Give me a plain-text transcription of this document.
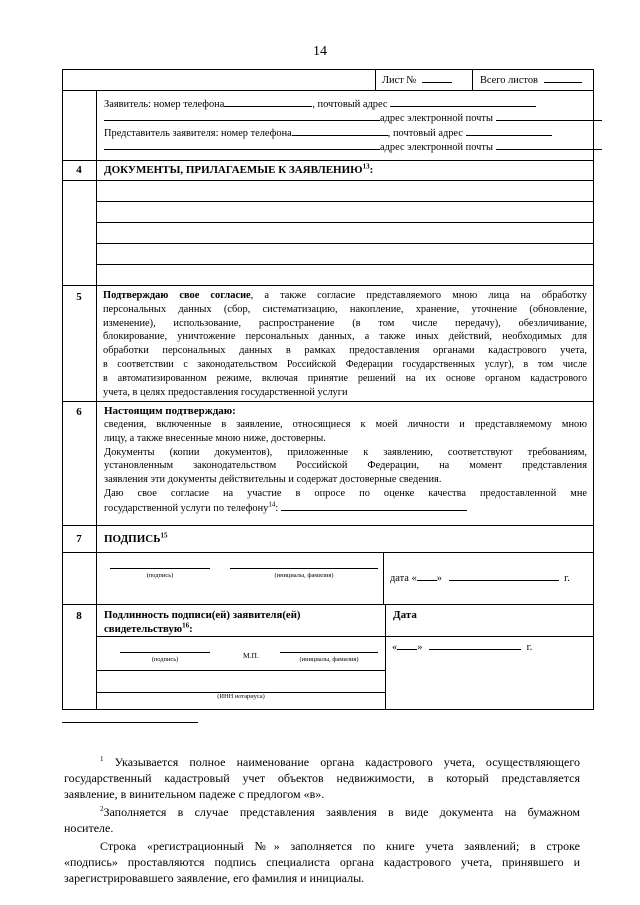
14
Лист №	Всего листов
Заявитель: номер телефона	, почтовый адрес
адрес электронной почты
Представитель заявителя: номер телефона	, почтовый адрес
адрес электронной почты
4	ДОКУМЕНТЫ, ПРИЛАГАЕМЫЕ К ЗАЯВЛЕНИЮ$^{13}$:
5	Подтверждаю свое согласие, а также согласие представляемого мною лица на обработку
персональных данных (сбор, систематизацию, накопление, хранение, уточнение (обновление,
изменение), использование, распространение (в том числе передачу), обезличивание,
блокирование, уничтожение персональных данных, а также иных действий, необходимых для
обработки персональных данных в рамках предоставления органами кадастрового учета,
в соответствии с законодательством Российской Федерации государственных услуг), в том числе
в автоматизированном режиме, включая принятие решений на их основе органом кадастрового
учета, в целях предоставления государственной услуги
6	Настоящим подтверждаю:
сведения, включенные в заявление, относящиеся к моей личности и представляемому мною
лицу, а также внесенные мною ниже, достоверны.
Документы (копии документов), приложенные к заявлению, соответствуют требованиям,
установленным законодательством Российской Федерации, на момент представления
заявления эти документы действительны и содержат достоверные сведения.
Даю свое согласие на участие в опросе по оценке качества предоставленной мне
государственной услуги по телефону$^{14}$:
7	ПОДПИСЬ$^{15}$
(подпись)	(инициалы, фамилия)	дата « »	г.
8	Подлинность подписи(ей) заявителя(ей)
свидетельствую$^{16}$:
Дата
(подпись)	М.П.	(инициалы, фамилия)
(ИНН нотариуса)
« »	г.
$^1$ Указывается полное наименование органа кадастрового учета, осуществляющего
государственный кадастровый учет объектов недвижимости, в который представляется
заявление, в винительном падеже с предлогом «в».
$^2$Заполняется в случае представления заявления в виде документа на бумажном
носителе.
Строка «регистрационный №» заполняется по книге учета заявлений; в строке
«подпись» проставляются подпись специалиста органа кадастрового учета, принявшего и
зарегистрировавшего заявление, его фамилия и инициалы.
